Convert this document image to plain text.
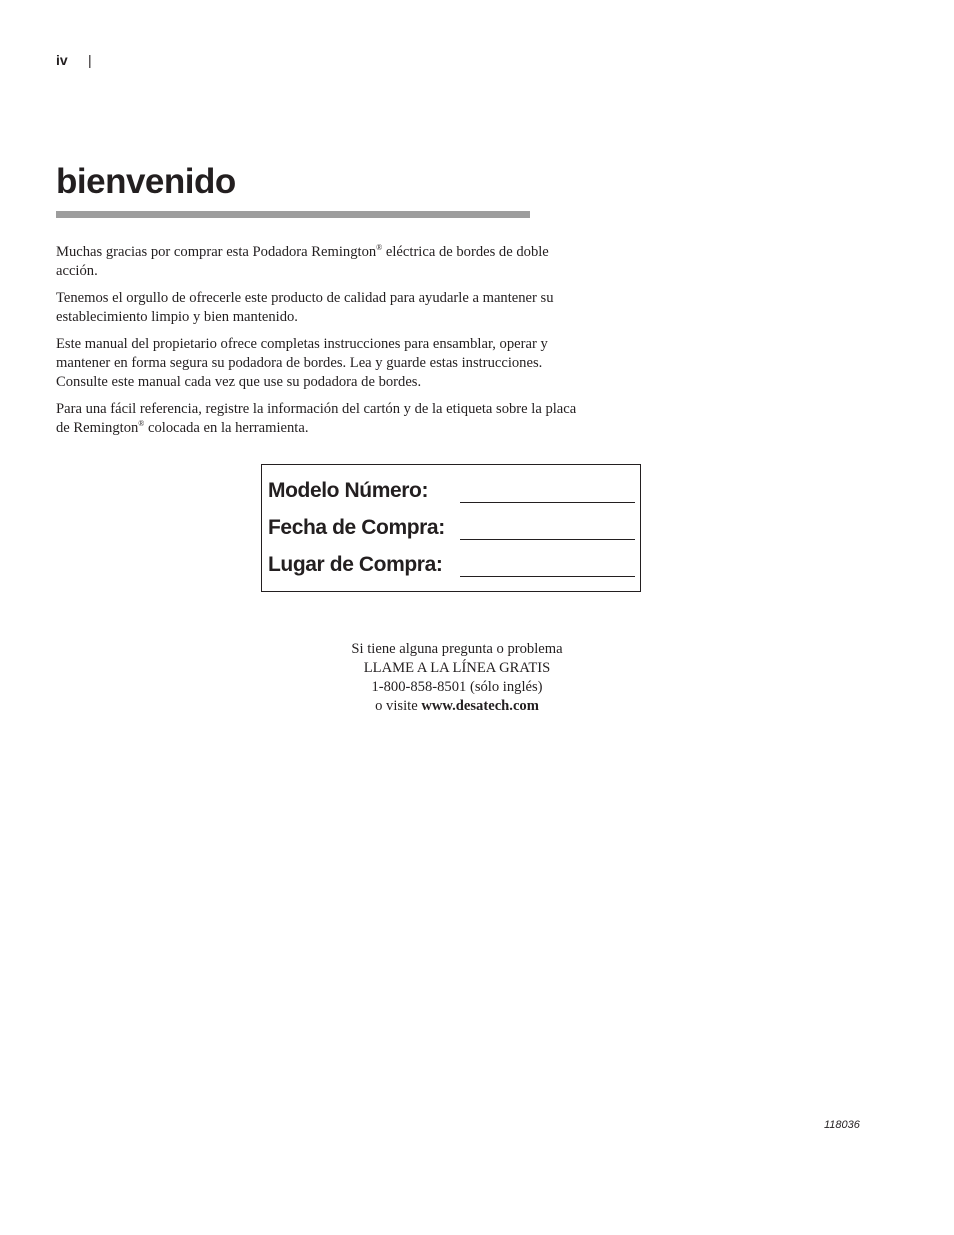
iv |
bienvenido

Muchas gracias por comprar esta Podadora Remington® eléctrica de bordes de doble acción.

Tenemos el orgullo de ofrecerle este producto de calidad para ayudarle a mantener su establecimiento limpio y bien mantenido.

Este manual del propietario ofrece completas instrucciones para ensamblar, operar y mantener en forma segura su podadora de bordes. Lea y guarde estas instrucciones. Consulte este manual cada vez que use su podadora de bordes.

Para una fácil referencia, registre la información del cartón y de la etiqueta sobre la placa de Remington® colocada en la herramienta.

Modelo Número:
Fecha de Compra:
Lugar de Compra:
Si tiene alguna pregunta o problema
LLAME A LA LÍNEA GRATIS
1-800-858-8501 (sólo inglés)
o visite www.desatech.com
118036
